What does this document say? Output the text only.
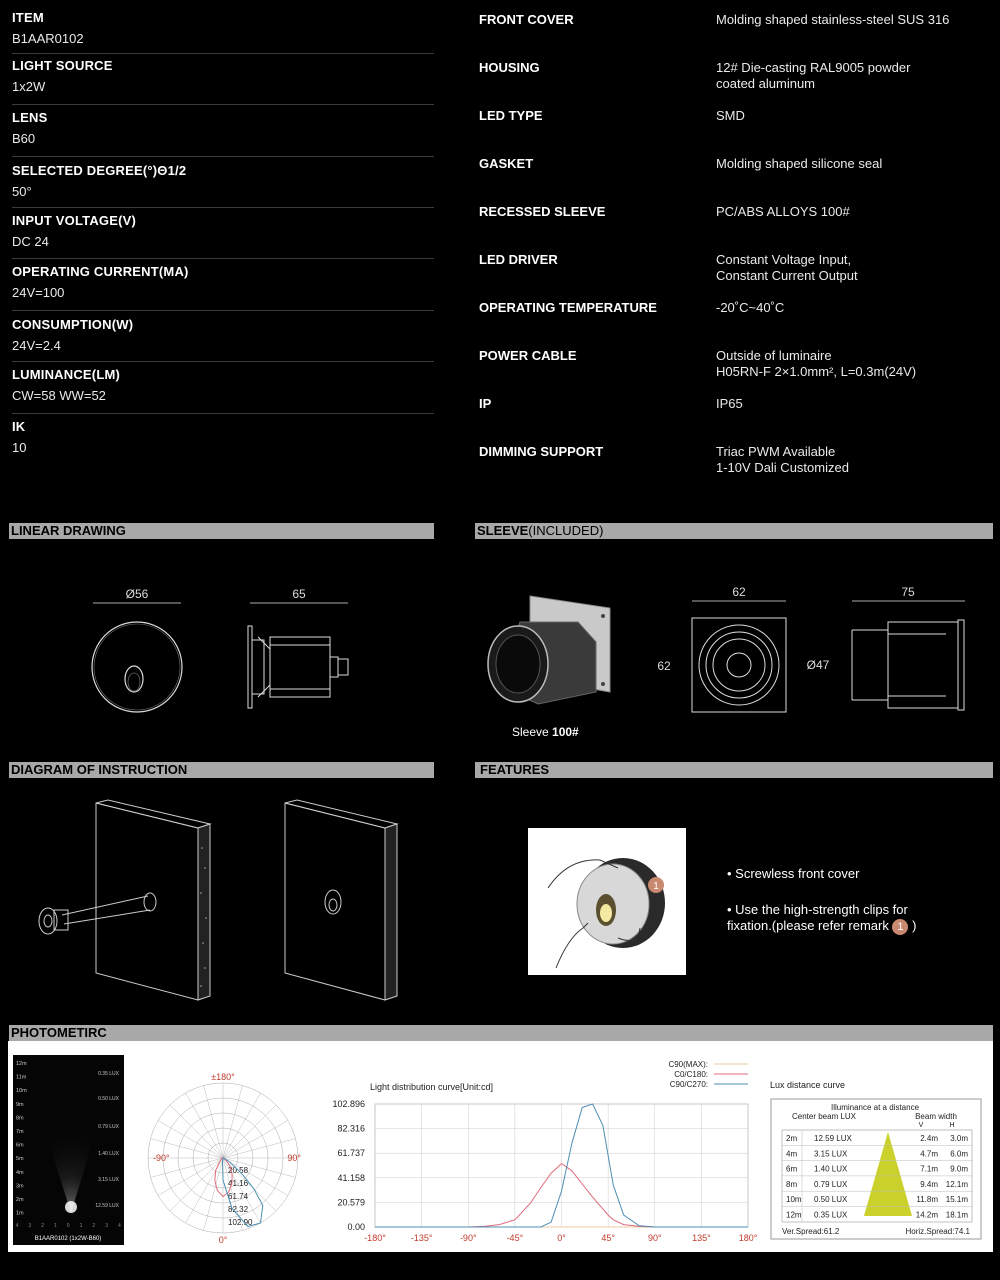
ITEM
B1AAR0102
LIGHT SOURCE
1x2W
LENS
B60
SELECTED DEGREE(°)Θ1/2
50°
INPUT VOLTAGE(V)
DC 24
OPERATING CURRENT(MA)
24V=100
CONSUMPTION(W)
24V=2.4
LUMINANCE(LM)
CW=58 WW=52
IK
10
FRONT COVER	Molding shaped stainless-steel SUS 316
HOUSING	12# Die-casting RAL9005 powder
coated aluminum
LED TYPE	SMD
GASKET	Molding shaped silicone seal
RECESSED SLEEVE	PC/ABS ALLOYS 100#
LED DRIVER	Constant Voltage Input,
Constant Current Output
OPERATING TEMPERATURE	-20˚C~40˚C
POWER CABLE	Outside of luminaire
H05RN-F 2×1.0mm², L=0.3m(24V)
IP	IP65
DIMMING SUPPORT	Triac PWM Available
1-10V Dali Customized
LINEAR DRAWING	SLEEVE(INCLUDED)
DIAGRAM OF INSTRUCTION	FEATURES
PHOTOMETIRC
Ø56	65
Sleeve 100#
62
62
75
Ø47
1
• Screwless front cover
• Use the high-strength clips for
fixation.(please refer remark 1 )
12m
11m
10m
9m
8m
7m
6m
5m
4m
3m
2m
1m
0.35 LUX
0.50 LUX
0.79 LUX
1.40 LUX
3.15 LUX
12.59 LUX
4 3 2 1 0 1 2 3 4
B1AAR0102 (1x2W-B60)
±180°
-90°	90°
0°
20.58
41.16
61.74
82.32
102.90
Light distribution curve[Unit:cd]
102.896
82.316
61.737
41.158
20.579
0.00
-180°	-135°	-90°	-45°	0°	45°	90°	135°	180°
C90(MAX):
C0/C180:
C90/C270:	Lux distance curve
Illuminance at a distance
Center beam LUX	Beam width
V	H
Ver.Spread:61.2	Horiz.Spread:74.1
2m 12.59 LUX	2.4m 3.0m
4m 3.15 LUX	4.7m 6.0m
6m 1.40 LUX	7.1m 9.0m
8m 0.79 LUX	9.4m 12.1m
10m 0.50 LUX	11.8m 15.1m
12m 0.35 LUX	14.2m 18.1m
